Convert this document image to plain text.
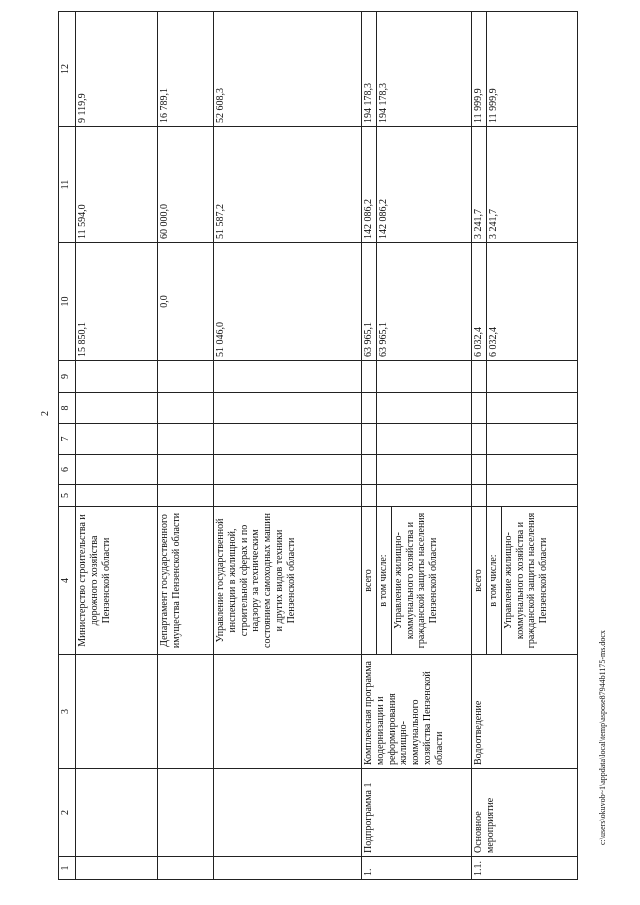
2
c:\users\okuvob~1\appdata\local\temp\aspose87944b1175-ms.docx
1	2	3	4	5	6	7	8	9	10	11	12
			Министерство строительства и дорожного хозяйства Пензенской области						15 850,1	11 594,0	9 119,9
			Департамент государственного имущества Пензенской области						0,0	60 000,0	16 789,1
			Управление государственной инспекции в жилищной, строительной сферах и по надзору за техническим состоянием самоходных машин и других видов техники Пензенской области						51 046,0	51 587,2	52 608,3
1.	Подпрограмма 1	Комплексная программа модернизации и реформирования жилищно-коммунального хозяйства Пензенской области	всего						63 965,1	142 086,2	194 178,3

			в том числе: Управление жилищно-коммунального хозяйства и гражданской защиты населения Пензенской области						63 965,1	142 086,2	194 178,3
1.1.	Основное мероприятие	Водоотведение	всего						6 032,4	3 241,7	11 999,9

			в том числе: Управление жилищно-коммунального хозяйства и гражданской защиты населения Пензенской области						6 032,4	3 241,7	11 999,9
